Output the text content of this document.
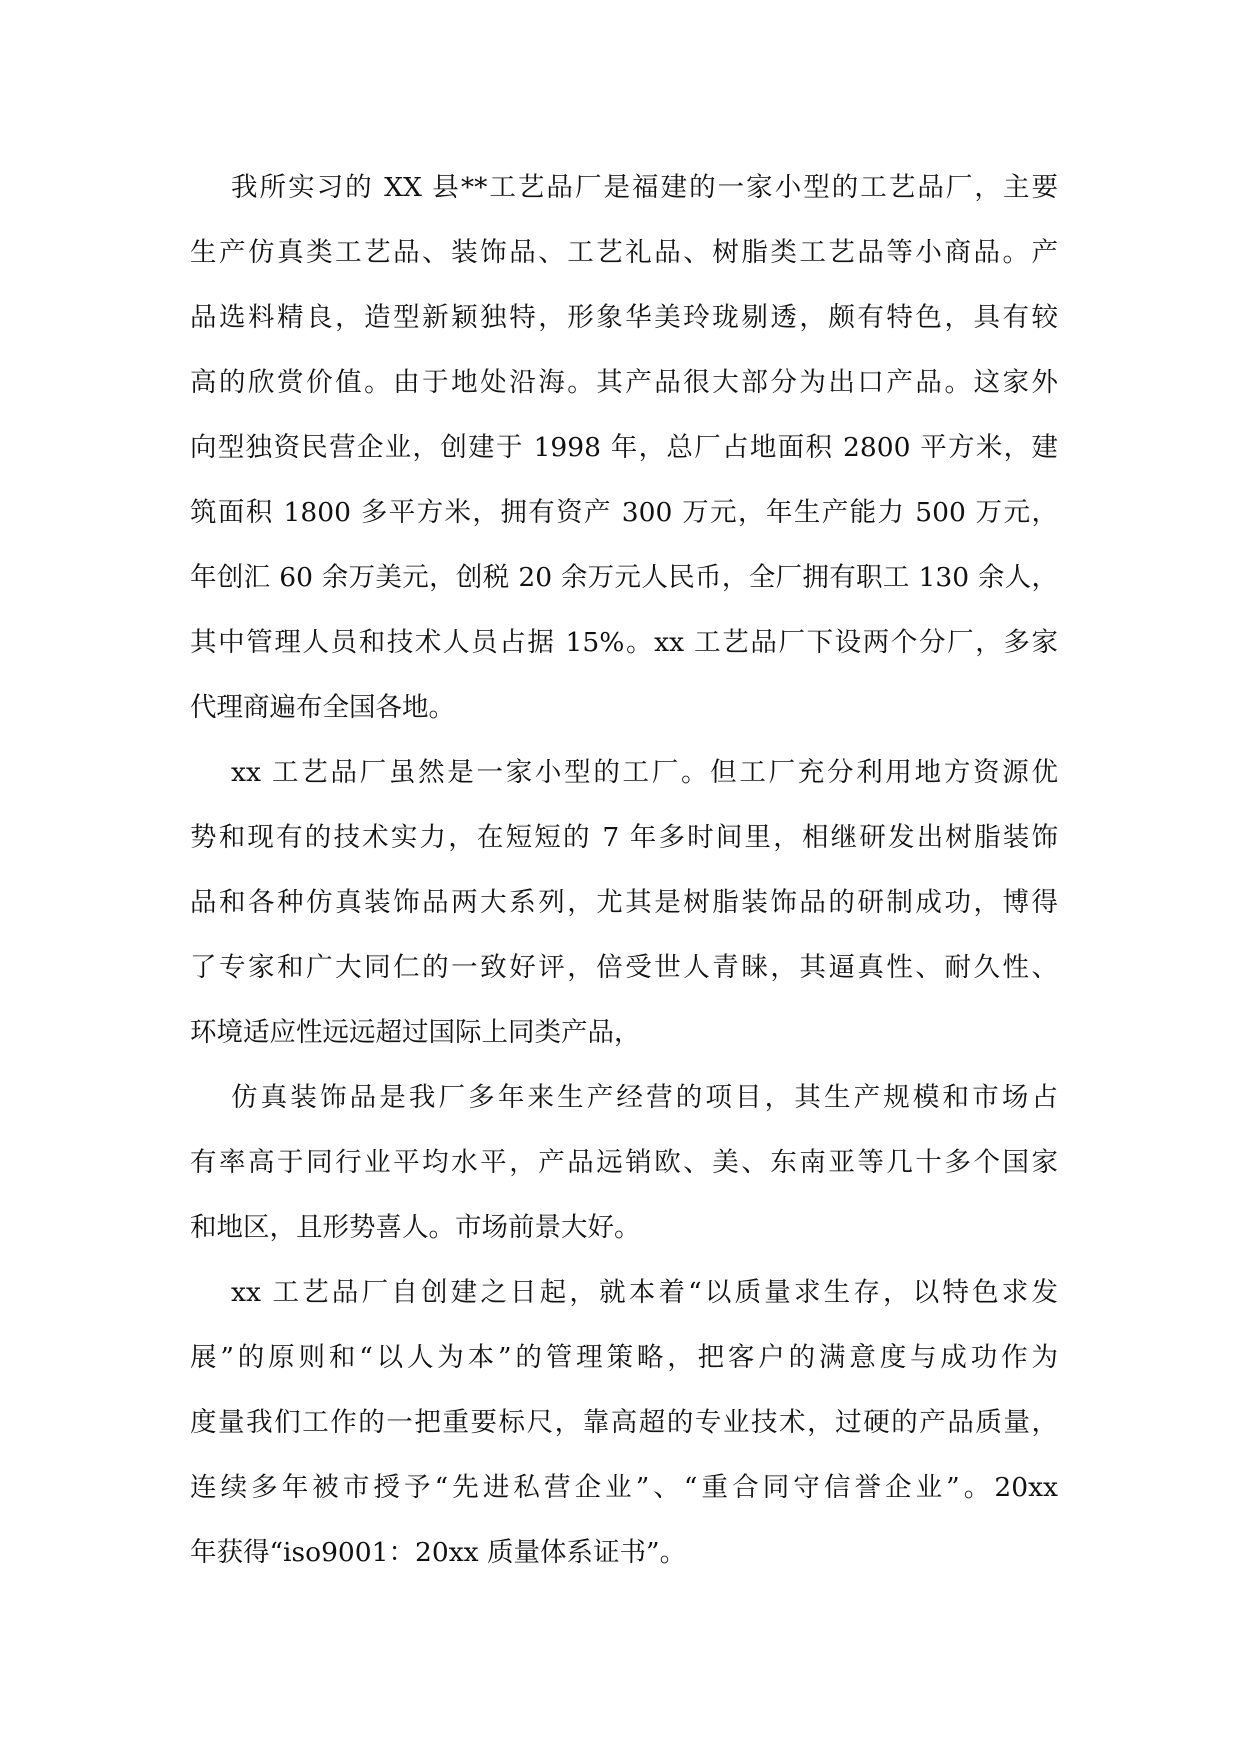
我所实习的 XX 县**工艺品厂是福建的一家小型的工艺品厂，主要
生产仿真类工艺品、装饰品、工艺礼品、树脂类工艺品等小商品。产
品选料精良，造型新颖独特，形象华美玲珑剔透，颇有特色，具有较
高的欣赏价值。由于地处沿海。其产品很大部分为出口产品。这家外
向型独资民营企业，创建于 1998 年，总厂占地面积 2800 平方米，建
筑面积 1800 多平方米，拥有资产 300 万元，年生产能力 500 万元，
年创汇 60 余万美元，创税 20 余万元人民币，全厂拥有职工 130 余人，
其中管理人员和技术人员占据 15%。xx 工艺品厂下设两个分厂，多家
代理商遍布全国各地。
xx 工艺品厂虽然是一家小型的工厂。但工厂充分利用地方资源优
势和现有的技术实力，在短短的 7 年多时间里，相继研发出树脂装饰
品和各种仿真装饰品两大系列，尤其是树脂装饰品的研制成功，博得
了专家和广大同仁的一致好评，倍受世人青睐，其逼真性、耐久性、
环境适应性远远超过国际上同类产品，
仿真装饰品是我厂多年来生产经营的项目，其生产规模和市场占
有率高于同行业平均水平，产品远销欧、美、东南亚等几十多个国家
和地区，且形势喜人。市场前景大好。
xx 工艺品厂自创建之日起，就本着“以质量求生存，以特色求发
展”的原则和“以人为本”的管理策略，把客户的满意度与成功作为
度量我们工作的一把重要标尺，靠高超的专业技术，过硬的产品质量，
连续多年被市授予“先进私营企业”、“重合同守信誉企业”。20xx
年获得“iso9001：20xx 质量体系证书”。
